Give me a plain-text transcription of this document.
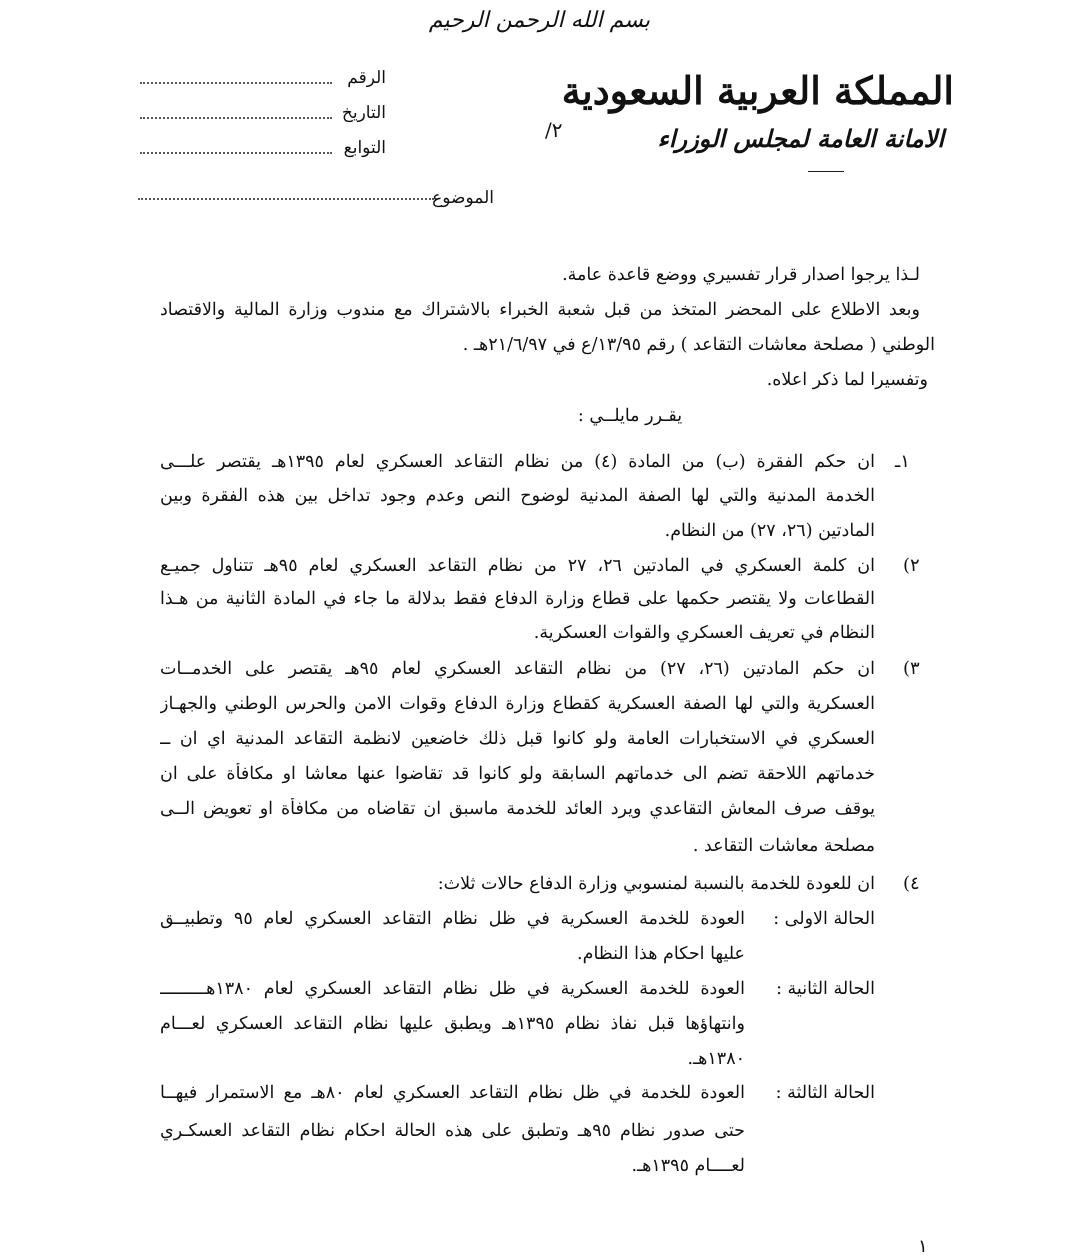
بسم الله الرحمن الرحيم
المملكة العربية السعودية
الامانة العامة لمجلس الوزراء
الرقم
التاريخ
التوابع
٢/
الموضوع
لـذا يرجوا اصدار قرار تفسيري ووضع قاعدة عامة.
وبعد الاطلاع على المحضر المتخذ من قبل شعبة الخبراء بالاشتراك مع مندوب وزارة المالية والاقتصاد
الوطني ( مصلحة معاشات التقاعد ) رقم ١٣/٩٥/ع في ٢١/٦/٩٧هـ .
وتفسيرا لما ذكر اعلاه.
يقـرر مايلــي :
١ـ
ان حكم الفقرة (ب) من المادة (٤) من نظام التقاعد العسكري لعام ١٣٩٥هـ يقتصر علـــى
الخدمة المدنية والتي لها الصفة المدنية لوضوح النص وعدم وجود تداخل بين هذه الفقرة وبين
المادتين (٢٦، ٢٧) من النظام.
٢)
ان كلمة العسكري في المادتين ٢٦، ٢٧ من نظام التقاعد العسكري لعام ٩٥هـ تتناول جميـع
القطاعات ولا يقتصر حكمها على قطاع وزارة الدفاع فقط بدلالة ما جاء في المادة الثانية من هـذا
النظام في تعريف العسكري والقوات العسكرية.
٣)
ان حكم المادتين (٢٦، ٢٧) من نظام التقاعد العسكري لعام ٩٥هـ يقتصر على الخدمــات
العسكرية والتي لها الصفة العسكرية كقطاع وزارة الدفاع وقوات الامن والحرس الوطني والجهـاز
العسكري في الاستخبارات العامة ولو كانوا قبل ذلك خاضعين لانظمة التقاعد المدنية اي ان ــ
خدماتهم اللاحقة تضم الى خدماتهم السابقة ولو كانوا قد تقاضوا عنها معاشا او مكافأة على ان
يوقف صرف المعاش التقاعدي ويرد العائد للخدمة ماسبق ان تقاضاه من مكافأة او تعويض الــى
مصلحة معاشات التقاعد .
٤)
ان للعودة للخدمة بالنسبة لمنسوبي وزارة الدفاع حالات ثلاث:
الحالة الاولى :
العودة للخدمة العسكرية في ظل نظام التقاعد العسكري لعام ٩٥ وتطبيــق
عليها احكام هذا النظام.
الحالة الثانية :
العودة للخدمة العسكرية في ظل نظام التقاعد العسكري لعام ١٣٨٠هـــــــــ
وانتهاؤها قبل نفاذ نظام ١٣٩٥هـ ويطبق عليها نظام التقاعد العسكري لعـــام
١٣٨٠هـ.
الحالة الثالثة :
العودة للخدمة في ظل نظام التقاعد العسكري لعام ٨٠هـ مع الاستمرار فيهــا
حتى صدور نظام ٩٥هـ وتطبق على هذه الحالة احكام نظام التقاعد العسكـري
لعــــام ١٣٩٥هـ.
١
